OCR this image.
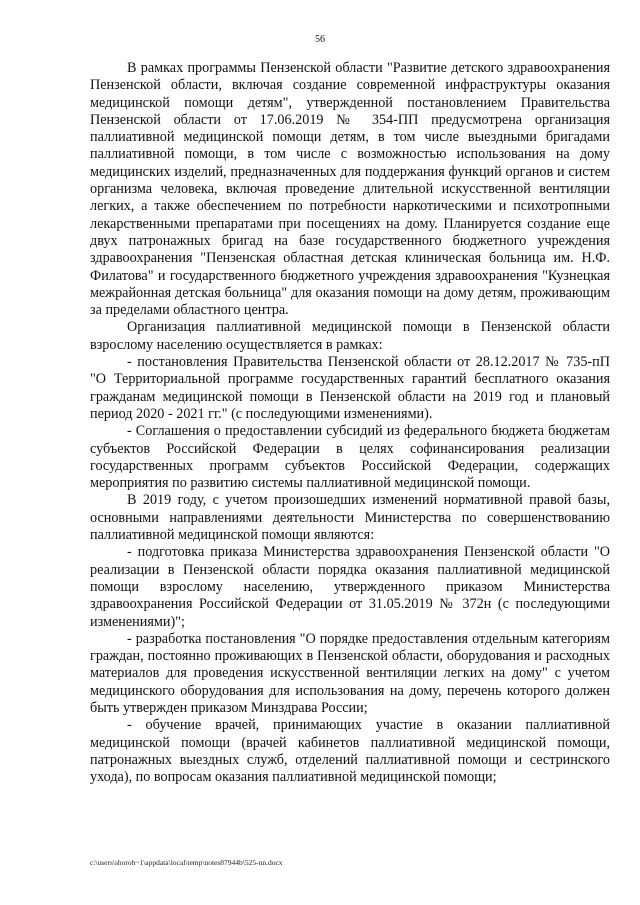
56

В рамках программы Пензенской области "Развитие детского здравоохранения Пензенской области, включая создание современной инфраструктуры оказания медицинской помощи детям", утвержденной постановлением Правительства Пензенской области от 17.06.2019 № 354-ПП предусмотрена организация паллиативной медицинской помощи детям, в том числе выездными бригадами паллиативной помощи, в том числе с возможностью использования на дому медицинских изделий, предназначенных для поддержания функций органов и систем организма человека, включая проведение длительной искусственной вентиляции легких, а также обеспечением по потребности наркотическими и психотропными лекарственными препаратами при посещениях на дому. Планируется создание еще двух патронажных бригад на базе государственного бюджетного учреждения здравоохранения "Пензенская областная детская клиническая больница им. Н.Ф. Филатова" и государственного бюджетного учреждения здравоохранения "Кузнецкая межрайонная детская больница" для оказания помощи на дому детям, проживающим за пределами областного центра.

Организация паллиативной медицинской помощи в Пензенской области взрослому населению осуществляется в рамках:

- постановления Правительства Пензенской области от 28.12.2017 № 735-пП "О Территориальной программе государственных гарантий бесплатного оказания гражданам медицинской помощи в Пензенской области на 2019 год и плановый период 2020 - 2021 гг." (с последующими изменениями).

- Соглашения о предоставлении субсидий из федерального бюджета бюджетам субъектов Российской Федерации в целях софинансирования реализации государственных программ субъектов Российской Федерации, содержащих мероприятия по развитию системы паллиативной медицинской помощи.

В 2019 году, с учетом произошедших изменений нормативной правой базы, основными направлениями деятельности Министерства по совершенствованию паллиативной медицинской помощи являются:

- подготовка приказа Министерства здравоохранения Пензенской области "О реализации в Пензенской области порядка оказания паллиативной медицинской помощи взрослому населению, утвержденного приказом Министерства здравоохранения Российской Федерации от 31.05.2019 № 372н (с последующими изменениями)";

- разработка постановления "О порядке предоставления отдельным категориям граждан, постоянно проживающих в Пензенской области, оборудования и расходных материалов для проведения искусственной вентиляции легких на дому" с учетом медицинского оборудования для использования на дому, перечень которого должен быть утвержден приказом Минздрава России;

- обучение врачей, принимающих участие в оказании паллиативной медицинской помощи (врачей кабинетов паллиативной медицинской помощи, патронажных выездных служб, отделений паллиативной помощи и сестринского ухода), по вопросам оказания паллиативной медицинской помощи;

c:\users\shoroh~1\appdata\local\temp\notes87944b\525-nn.docx
